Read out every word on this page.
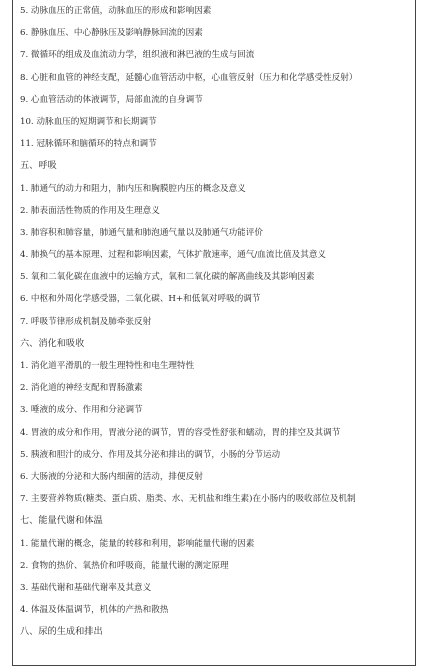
5. 动脉血压的正常值，动脉血压的形成和影响因素
6. 静脉血压、中心静脉压及影响静脉回流的因素
7. 微循环的组成及血流动力学，组织液和淋巴液的生成与回流
8. 心脏和血管的神经支配，延髓心血管活动中枢，心血管反射（压力和化学感受性反射）
9. 心血管活动的体液调节，局部血流的自身调节
10. 动脉血压的短期调节和长期调节
11. 冠脉循环和脑循环的特点和调节
五、呼吸
1. 肺通气的动力和阻力，肺内压和胸膜腔内压的概念及意义
2. 肺表面活性物质的作用及生理意义
3. 肺容积和肺容量，肺通气量和肺泡通气量以及肺通气功能评价
4. 肺换气的基本原理、过程和影响因素，气体扩散速率，通气/血流比值及其意义
5. 氧和二氧化碳在血液中的运输方式，氧和二氧化碳的解离曲线及其影响因素
6. 中枢和外周化学感受器，二氧化碳、H+和低氧对呼吸的调节
7. 呼吸节律形成机制及肺牵张反射
六、消化和吸收
1. 消化道平滑肌的一般生理特性和电生理特性
2. 消化道的神经支配和胃肠激素
3. 唾液的成分、作用和分泌调节
4. 胃液的成分和作用，胃液分泌的调节，胃的容受性舒张和蠕动，胃的排空及其调节
5. 胰液和胆汁的成分、作用及其分泌和排出的调节，小肠的分节运动
6. 大肠液的分泌和大肠内细菌的活动，排便反射
7. 主要营养物质(糖类、蛋白质、脂类、水、无机盐和维生素)在小肠内的吸收部位及机制
七、能量代谢和体温
1. 能量代谢的概念，能量的转移和利用，影响能量代谢的因素
2. 食物的热价、氧热价和呼吸商，能量代谢的测定原理
3. 基础代谢和基础代谢率及其意义
4. 体温及体温调节，机体的产热和散热
八、尿的生成和排出
